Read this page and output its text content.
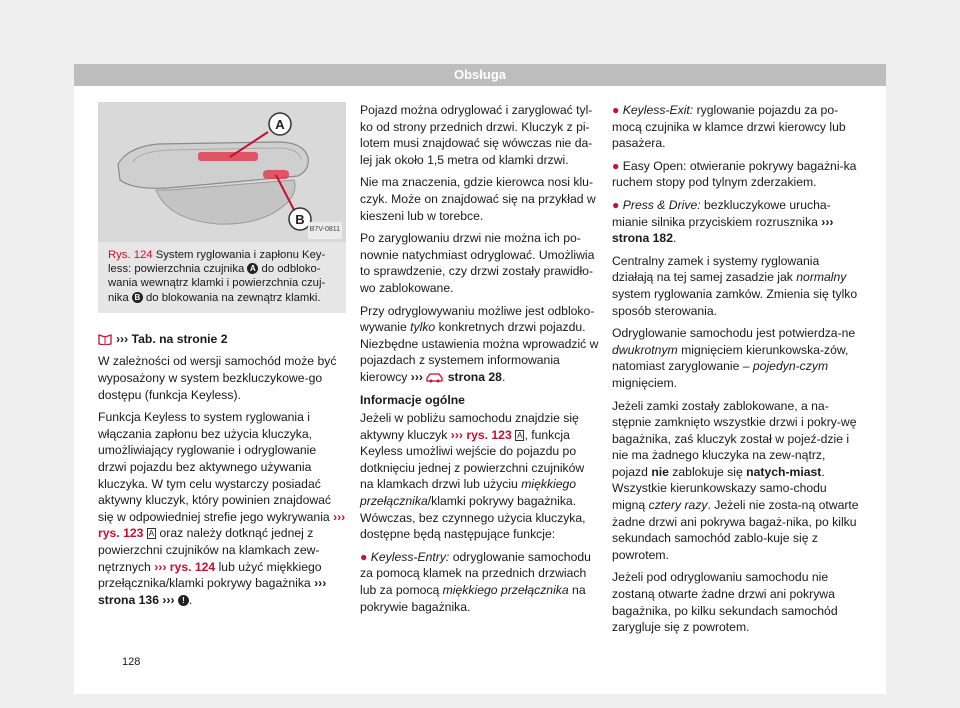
Obsługa
A
B
B7V-0811
Rys. 124 System ryglowania i zapłonu Key-less: powierzchnia czujnika A do odbloko-wania wewnątrz klamki i powierzchnia czuj-nika B do blokowania na zewnątrz klamki.
››› Tab. na stronie 2

W zależności od wersji samochód może być wyposażony w system bezkluczykowe-go dostępu (funkcja Keyless).

Funkcja Keyless to system ryglowania i włączania zapłonu bez użycia kluczyka, umożliwiający ryglowanie i odryglowanie drzwi pojazdu bez aktywnego używania kluczyka. W tym celu wystarczy posiadać aktywny kluczyk, który powinien znajdować się w odpowiedniej strefie jego wykrywania ››› rys. 123 A oraz należy dotknąć jednej z powierzchni czujników na klamkach zew-nętrznych ››› rys. 124 lub użyć miękkiego przełącznika/klamki pokrywy bagażnika ››› strona 136 ››› ! .

128

Pojazd można odryglować i zaryglować tyl-ko od strony przednich drzwi. Kluczyk z pi-lotem musi znajdować się wówczas nie da-lej jak około 1,5 metra od klamki drzwi.

Nie ma znaczenia, gdzie kierowca nosi klu-czyk. Może on znajdować się na przykład w kieszeni lub w torebce.

Po zaryglowaniu drzwi nie można ich po-nownie natychmiast odryglować. Umożliwia to sprawdzenie, czy drzwi zostały prawidło-wo zablokowane.

Przy odryglowywaniu możliwe jest odbloko-wywanie tylko konkretnych drzwi pojazdu. Niezbędne ustawienia można wprowadzić w pojazdach z systemem informowania kierowcy ›››  strona 28.

Informacje ogólne

Jeżeli w pobliżu samochodu znajdzie się aktywny kluczyk ››› rys. 123 A , funkcja Keyless umożliwi wejście do pojazdu po dotknięciu jednej z powierzchni czujników na klamkach drzwi lub użyciu miękkiego przełącznika/klamki pokrywy bagażnika. Wówczas, bez czynnego użycia kluczyka, dostępne będą następujące funkcje:

● Keyless-Entry: odryglowanie samochodu za pomocą klamek na przednich drzwiach lub za pomocą miękkiego przełącznika na pokrywie bagażnika.

● Keyless-Exit: ryglowanie pojazdu za po-mocą czujnika w klamce drzwi kierowcy lub pasażera.

● Easy Open: otwieranie pokrywy bagażni-ka ruchem stopy pod tylnym zderzakiem.

● Press & Drive: bezkluczykowe urucha-mianie silnika przyciskiem rozrusznika ››› strona 182.

Centralny zamek i systemy ryglowania działają na tej samej zasadzie jak normalny system ryglowania zamków. Zmienia się tylko sposób sterowania.

Odryglowanie samochodu jest potwierdza-ne dwukrotnym mignięciem kierunkowska-zów, natomiast zaryglowanie – pojedyn-czym mignięciem.

Jeżeli zamki zostały zablokowane, a na-stępnie zamknięto wszystkie drzwi i pokry-wę bagażnika, zaś kluczyk został w pojeź-dzie i nie ma żadnego kluczyka na zew-nątrz, pojazd nie zablokuje się natych-miast. Wszystkie kierunkowskazy samo-chodu migną cztery razy. Jeżeli nie zosta-ną otwarte żadne drzwi ani pokrywa bagaż-nika, po kilku sekundach samochód zablo-kuje się z powrotem.

Jeżeli pod odryglowaniu samochodu nie zostaną otwarte żadne drzwi ani pokrywa bagażnika, po kilku sekundach samochód zarygluje się z powrotem.
